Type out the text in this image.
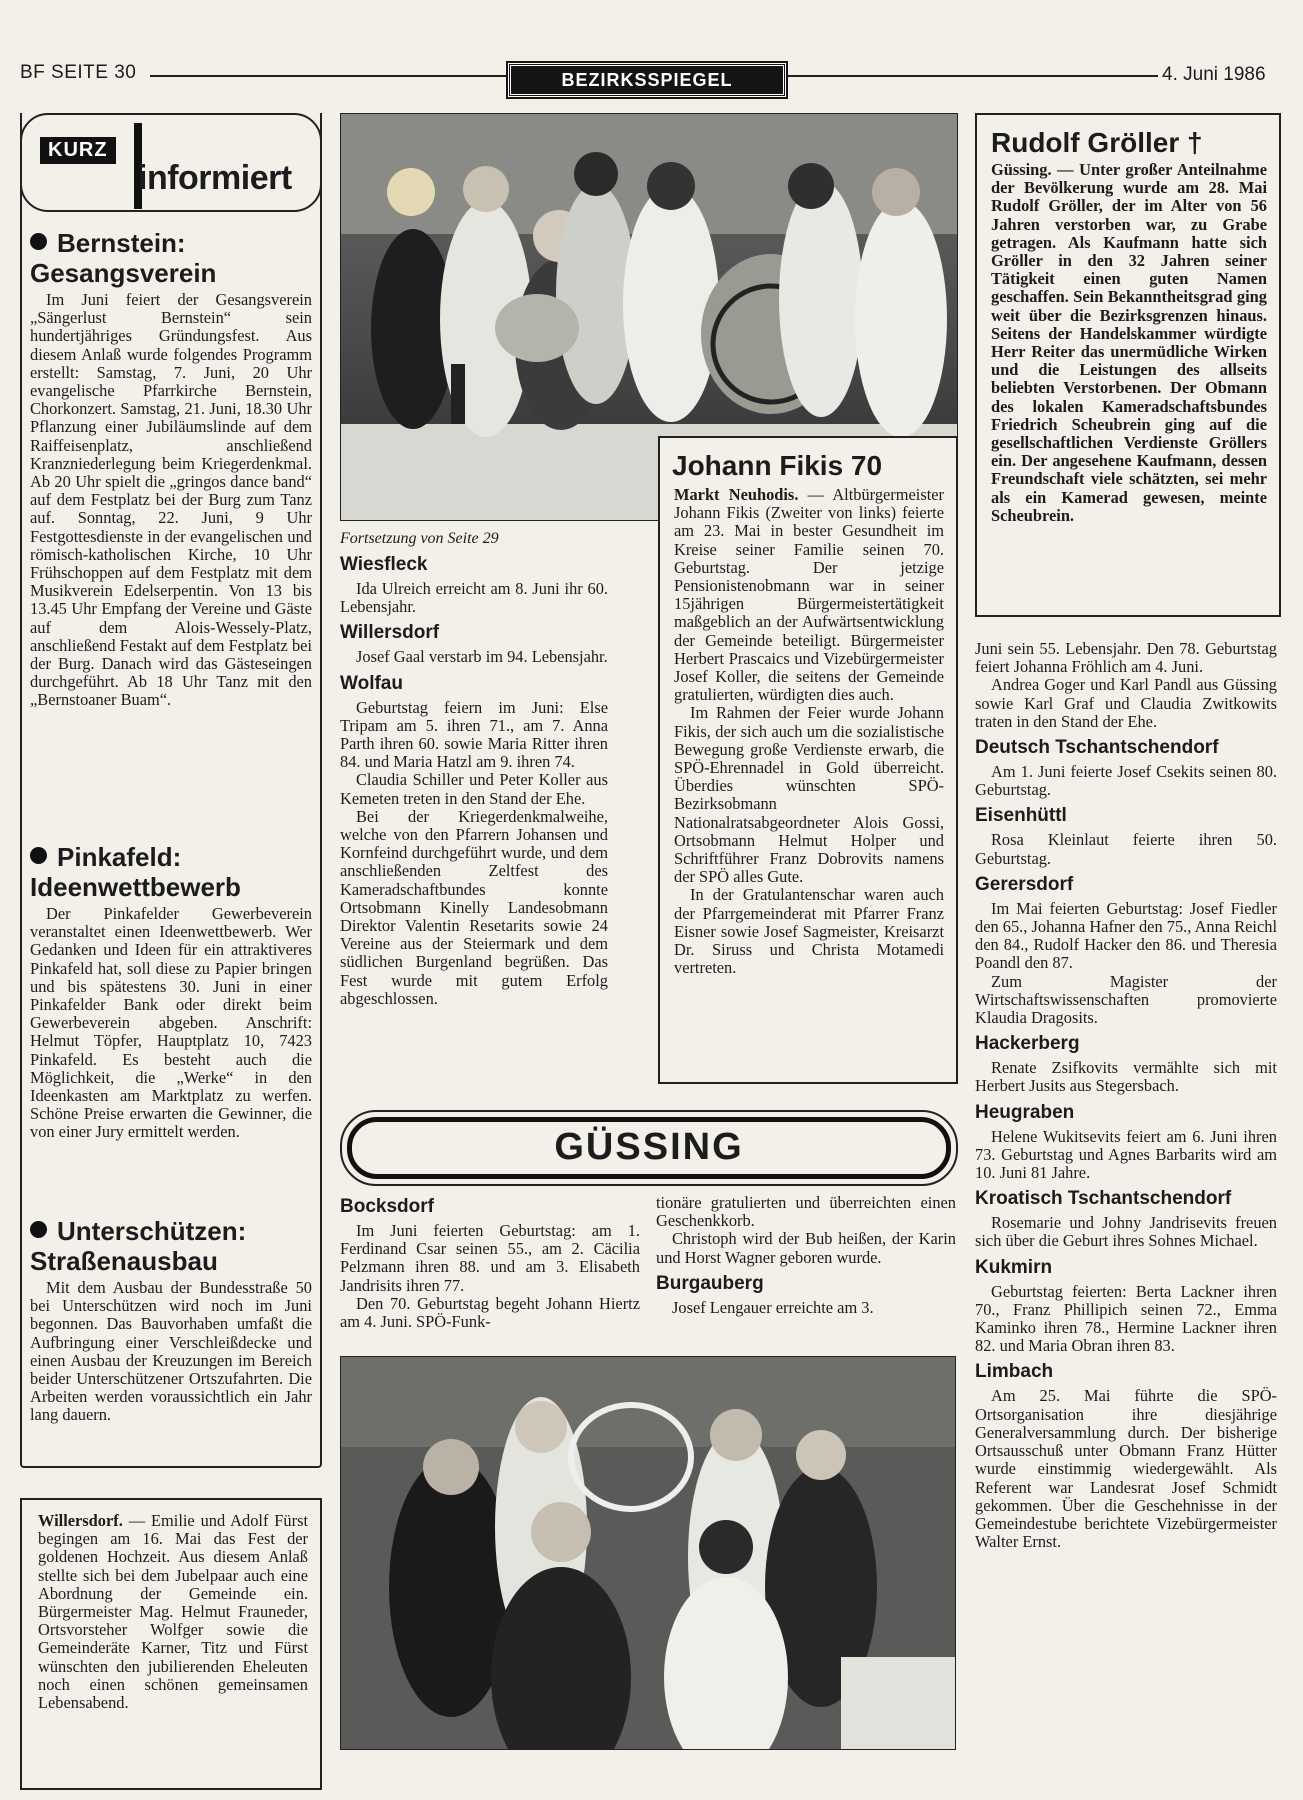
BF SEITE 30	BEZIRKSSPIEGEL	4. Juni 1986
KURZ
informiert
Bernstein: Gesangsverein

Im Juni feiert der Gesangsverein „Sängerlust Bernstein“ sein hundertjähriges Gründungsfest. Aus diesem Anlaß wurde folgendes Programm erstellt: Samstag, 7. Juni, 20 Uhr evangelische Pfarrkirche Bernstein, Chorkonzert. Samstag, 21. Juni, 18.30 Uhr Pflanzung einer Jubiläumslinde auf dem Raiffeisenplatz, anschließend Kranzniederlegung beim Kriegerdenkmal. Ab 20 Uhr spielt die „gringos dance band“ auf dem Festplatz bei der Burg zum Tanz auf. Sonntag, 22. Juni, 9 Uhr Festgottesdienste in der evangelischen und römisch-katholischen Kirche, 10 Uhr Frühschoppen auf dem Festplatz mit dem Musikverein Edelserpentin. Von 13 bis 13.45 Uhr Empfang der Vereine und Gäste auf dem Alois-Wessely-Platz, anschließend Festakt auf dem Festplatz bei der Burg. Danach wird das Gästeseingen durchgeführt. Ab 18 Uhr Tanz mit den „Bernstoaner Buam“.

Pinkafeld: Ideenwettbewerb

Der Pinkafelder Gewerbeverein veranstaltet einen Ideenwettbewerb. Wer Gedanken und Ideen für ein attraktiveres Pinkafeld hat, soll diese zu Papier bringen und bis spätestens 30. Juni in einer Pinkafelder Bank oder direkt beim Gewerbeverein abgeben. Anschrift: Helmut Töpfer, Hauptplatz 10, 7423 Pinkafeld. Es besteht auch die Möglichkeit, die „Werke“ in den Ideenkasten am Marktplatz zu werfen. Schöne Preise erwarten die Gewinner, die von einer Jury ermittelt werden.

Unterschützen: Straßenausbau

Mit dem Ausbau der Bundesstraße 50 bei Unterschützen wird noch im Juni begonnen. Das Bauvorhaben umfaßt die Aufbringung einer Verschleißdecke und einen Ausbau der Kreuzungen im Bereich beider Unterschützener Ortszufahrten. Die Arbeiten werden voraussichtlich ein Jahr lang dauern.

Willersdorf. — Emilie und Adolf Fürst begingen am 16. Mai das Fest der goldenen Hochzeit. Aus diesem Anlaß stellte sich bei dem Jubelpaar auch eine Abordnung der Gemeinde ein. Bürgermeister Mag. Helmut Frauneder, Ortsvorsteher Wolfger sowie die Gemeinderäte Karner, Titz und Fürst wünschten den jubilierenden Eheleuten noch einen schönen gemeinsamen Lebensabend.

Fortsetzung von Seite 29
Wiesfleck

Ida Ulreich erreicht am 8. Juni ihr 60. Lebensjahr.

Willersdorf

Josef Gaal verstarb im 94. Lebensjahr.

Wolfau

Geburtstag feiern im Juni: Else Tripam am 5. ihren 71., am 7. Anna Parth ihren 60. sowie Maria Ritter ihren 84. und Maria Hatzl am 9. ihren 74.

Claudia Schiller und Peter Koller aus Kemeten treten in den Stand der Ehe.

Bei der Kriegerdenkmalweihe, welche von den Pfarrern Johansen und Kornfeind durchgeführt wurde, und dem anschließenden Zeltfest des Kameradschaftbundes konnte Ortsobmann Kinelly Landesobmann Direktor Valentin Resetarits sowie 24 Vereine aus der Steiermark und dem südlichen Burgenland begrüßen. Das Fest wurde mit gutem Erfolg abgeschlossen.

Johann Fikis 70

Markt Neuhodis. — Altbürgermeister Johann Fikis (Zweiter von links) feierte am 23. Mai in bester Gesundheit im Kreise seiner Familie seinen 70. Geburtstag. Der jetzige Pensionistenobmann war in seiner 15jährigen Bürgermeistertätigkeit maßgeblich an der Aufwärtsentwicklung der Gemeinde beteiligt. Bürgermeister Herbert Prascaics und Vizebürgermeister Josef Koller, die seitens der Gemeinde gratulierten, würdigten dies auch.

Im Rahmen der Feier wurde Johann Fikis, der sich auch um die sozialistische Bewegung große Verdienste erwarb, die SPÖ-Ehrennadel in Gold überreicht. Überdies wünschten SPÖ-Bezirksobmann Nationalratsabgeordneter Alois Gossi, Ortsobmann Helmut Holper und Schriftführer Franz Dobrovits namens der SPÖ alles Gute.

In der Gratulantenschar waren auch der Pfarrgemeinderat mit Pfarrer Franz Eisner sowie Josef Sagmeister, Kreisarzt Dr. Siruss und Christa Motamedi vertreten.

Rudolf Gröller †

Güssing. — Unter großer Anteilnahme der Bevölkerung wurde am 28. Mai Rudolf Gröller, der im Alter von 56 Jahren verstorben war, zu Grabe getragen. Als Kaufmann hatte sich Gröller in den 32 Jahren seiner Tätigkeit einen guten Namen geschaffen. Sein Bekanntheitsgrad ging weit über die Bezirksgrenzen hinaus. Seitens der Handelskammer würdigte Herr Reiter das unermüdliche Wirken und die Leistungen des allseits beliebten Verstorbenen. Der Obmann des lokalen Kameradschaftsbundes Friedrich Scheubrein ging auf die gesellschaftlichen Verdienste Gröllers ein. Der angesehene Kaufmann, dessen Freundschaft viele schätzten, sei mehr als ein Kamerad gewesen, meinte Scheubrein.

Juni sein 55. Lebensjahr. Den 78. Geburtstag feiert Johanna Fröhlich am 4. Juni.

Andrea Goger und Karl Pandl aus Güssing sowie Karl Graf und Claudia Zwitkowits traten in den Stand der Ehe.

Deutsch Tschantschendorf

Am 1. Juni feierte Josef Csekits seinen 80. Geburtstag.

Eisenhüttl

Rosa Kleinlaut feierte ihren 50. Geburtstag.

Gerersdorf

Im Mai feierten Geburtstag: Josef Fiedler den 65., Johanna Hafner den 75., Anna Reichl den 84., Rudolf Hacker den 86. und Theresia Poandl den 87.

Zum Magister der Wirtschaftswissenschaften promovierte Klaudia Dragosits.

Hackerberg

Renate Zsifkovits vermählte sich mit Herbert Jusits aus Stegersbach.

Heugraben

Helene Wukitsevits feiert am 6. Juni ihren 73. Geburtstag und Agnes Barbarits wird am 10. Juni 81 Jahre.

Kroatisch Tschantschendorf

Rosemarie und Johny Jandrisevits freuen sich über die Geburt ihres Sohnes Michael.

Kukmirn

Geburtstag feierten: Berta Lackner ihren 70., Franz Phillipich seinen 72., Emma Kaminko ihren 78., Hermine Lackner ihren 82. und Maria Obran ihren 83.

Limbach

Am 25. Mai führte die SPÖ-Ortsorganisation ihre diesjährige Generalversammlung durch. Der bisherige Ortsausschuß unter Obmann Franz Hütter wurde einstimmig wiedergewählt. Als Referent war Landesrat Josef Schmidt gekommen. Über die Geschehnisse in der Gemeindestube berichtete Vizebürgermeister Walter Ernst.

GÜSSING
Bocksdorf

Im Juni feierten Geburtstag: am 1. Ferdinand Csar seinen 55., am 2. Cäcilia Pelzmann ihren 88. und am 3. Elisabeth Jandrisits ihren 77.

Den 70. Geburtstag begeht Johann Hiertz am 4. Juni. SPÖ-Funk-

tionäre gratulierten und überreichten einen Geschenkkorb.

Christoph wird der Bub heißen, der Karin und Horst Wagner geboren wurde.

Burgauberg

Josef Lengauer erreichte am 3.
